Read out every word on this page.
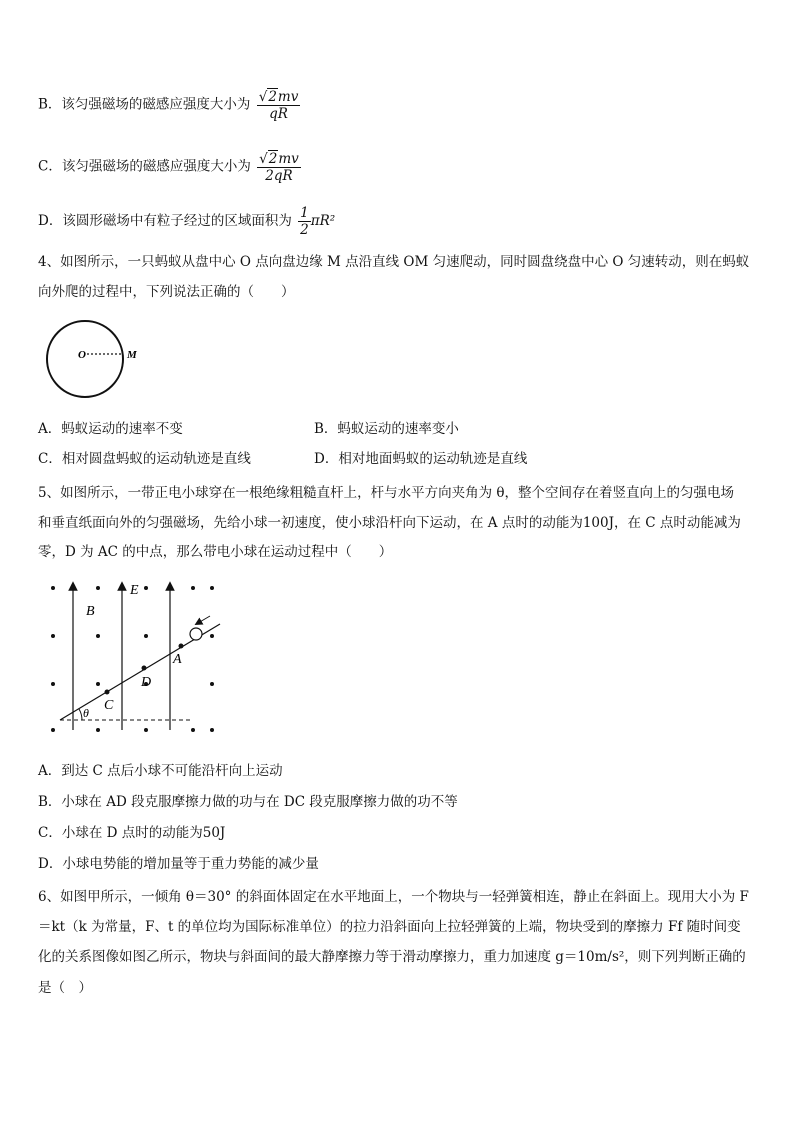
B．该匀强磁场的磁感应强度大小为 $\frac{√2mv}{qR}$
C．该匀强磁场的磁感应强度大小为 $\frac{√2mv}{2qR}$
D．该圆形磁场中有粒子经过的区域面积为 $\frac{1}{2} \pi R^2$
4、如图所示，一只蚂蚁从盘中心 O 点向盘边缘 M 点沿直线 OM 匀速爬动，同时圆盘绕盘中心 O 匀速转动，则在蚂蚁
向外爬的过程中，下列说法正确的（　　）
O	M
A．蚂蚁运动的速率不变	B．蚂蚁运动的速率变小
C．相对圆盘蚂蚁的运动轨迹是直线	D．相对地面蚂蚁的运动轨迹是直线
5、如图所示，一带正电小球穿在一根绝缘粗糙直杆上，杆与水平方向夹角为 θ，整个空间存在着竖直向上的匀强电场
和垂直纸面向外的匀强磁场，先给小球一初速度，使小球沿杆向下运动，在 A 点时的动能为100J，在 C 点时动能减为
零，D 为 AC 的中点，那么带电小球在运动过程中（　　）
B
E
A
D
C
θ
A．到达 C 点后小球不可能沿杆向上运动
B．小球在 AD 段克服摩擦力做的功与在 DC 段克服摩擦力做的功不等
C．小球在 D 点时的动能为50J
D．小球电势能的增加量等于重力势能的减少量
6、如图甲所示，一倾角 θ＝30° 的斜面体固定在水平地面上，一个物块与一轻弹簧相连，静止在斜面上。现用大小为 F
＝kt（k 为常量，F、t 的单位均为国际标准单位）的拉力沿斜面向上拉轻弹簧的上端，物块受到的摩擦力 Ff 随时间变
化的关系图像如图乙所示，物块与斜面间的最大静摩擦力等于滑动摩擦力，重力加速度 g＝10m/s²，则下列判断正确的
是（　）
